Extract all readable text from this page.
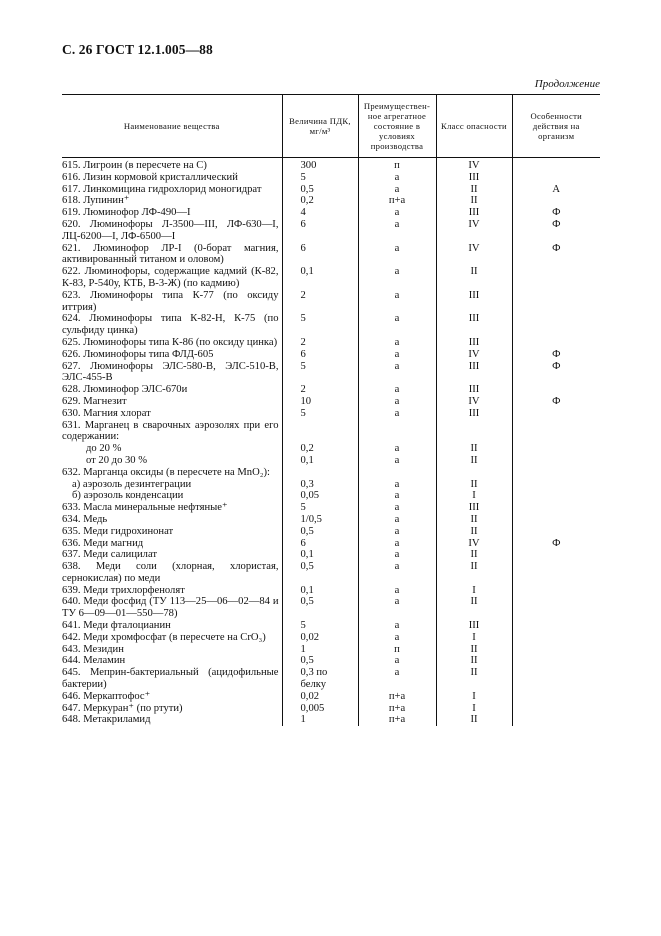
С. 26 ГОСТ 12.1.005—88
Продолжение
Наименование вещества	Величина ПДК, мг/м³	Преимуществен-ное агрегатное состояние в условиях производства	Класс опасности	Особенности действия на организм
615. Лигроин (в пересчете на С)	300	п	IV	
616. Лизин кормовой кристаллический	5	а	III	
617. Линкомицина гидрохлорид моногидрат	0,5	а	II	А
618. Лупинин⁺	0,2	п+а	II	
619. Люминофор ЛФ-490—I	4	а	III	Ф
620. Люминофоры Л-3500—III, ЛФ-630—I, ЛЦ-6200—I, ЛФ-6500—I	6	а	IV	Ф
621. Люминофор ЛР-I (0-борат магния, активированный титаном и оловом)	6	а	IV	Ф
622. Люминофоры, содержащие кадмий (К-82, К-83, Р-540у, КТБ, В-3-Ж) (по кадмию)	0,1	а	II	
623. Люминофоры типа К-77 (по оксиду иттрия)	2	а	III	
624. Люминофоры типа К-82-Н, К-75 (по сульфиду цинка)	5	а	III	
625. Люминофоры типа К-86 (по оксиду цинка)	2	а	III	
626. Люминофоры типа ФЛД-605	6	а	IV	Ф
627. Люминофоры ЭЛС-580-В, ЭЛС-510-В, ЭЛС-455-В	5	а	III	Ф
628. Люминофор ЭЛС-670и	2	а	III	
629. Магнезит	10	а	IV	Ф
630. Магния хлорат	5	а	III	
631. Марганец в сварочных аэрозолях при его содержании:				
до 20 %	0,2	а	II	
от 20 до 30 %	0,1	а	II	
632. Марганца оксиды (в пересчете на MnO₂):				
а) аэрозоль дезинтеграции	0,3	а	II	
б) аэрозоль конденсации	0,05	а	I	
633. Масла минеральные нефтяные⁺	5	а	III	
634. Медь	1/0,5	а	II	
635. Меди гидрохинонат	0,5	а	II	
636. Меди магнид	6	а	IV	Ф
637. Меди салицилат	0,1	а	II	
638. Меди соли (хлорная, хлористая, сернокислая) по меди	0,5	а	II	
639. Меди трихлорфенолят	0,1	а	I	
640. Меди фосфид (ТУ 113—25—06—02—84 и ТУ 6—09—01—550—78)	0,5	а	II	
641. Меди фталоцианин	5	а	III	
642. Меди хромфосфат (в пересчете на CrO₃)	0,02	а	I	
643. Мезидин	1	п	II	
644. Меламин	0,5	а	II	
645. Меприн-бактериальный (ацидофильные бактерии)	0,3 по белку	а	II	
646. Меркаптофос⁺	0,02	п+а	I	
647. Меркуран⁺ (по ртути)	0,005	п+а	I	
648. Метакриламид	1	п+а	II	
